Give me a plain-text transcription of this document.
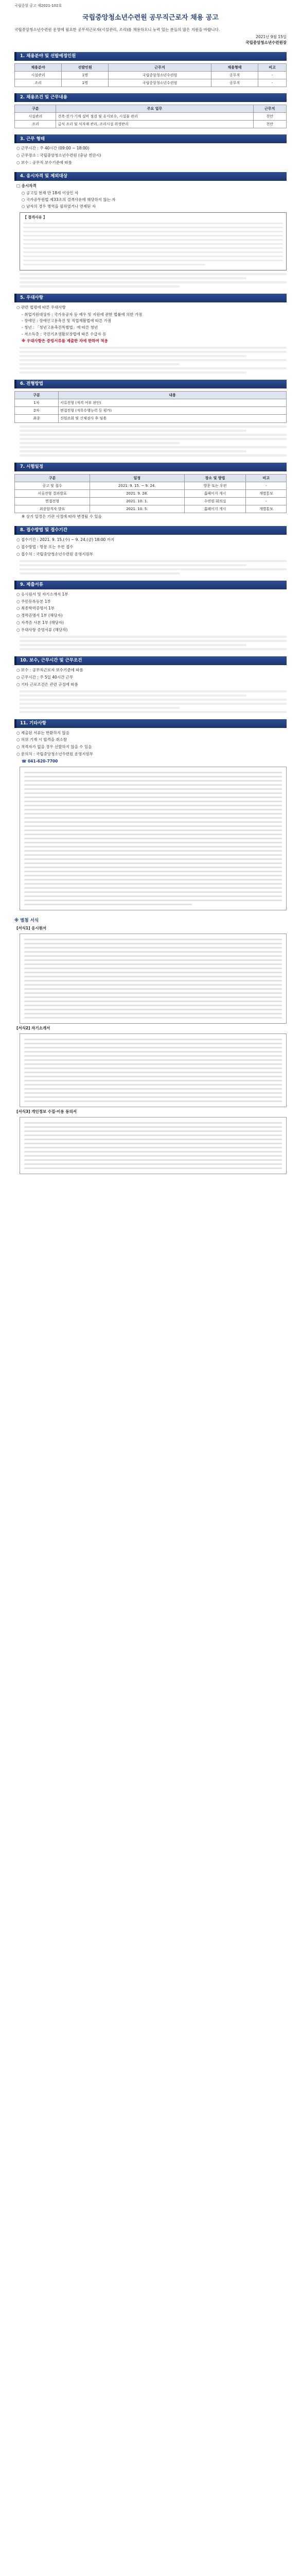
국립중앙 공고 제2021-102호
국립중앙청소년수련원 공무직근로자 채용 공고
국립중앙청소년수련원 운영에 필요한 공무직근로자(시설관리, 조리)를 채용하오니 능력 있는 분들의 많은 지원을 바랍니다.
2021년 9월 15일
국립중앙청소년수련원장
1. 채용분야 및 선발예정인원
채용분야	선발인원	근무지	채용형태	비고
시설관리	1명	국립중앙청소년수련원	공무직	-
조리	1명	국립중앙청소년수련원	공무직	-
2. 채용조건 및 근무내용
구분	주요 업무	근무지
시설관리	건축·전기·기계 설비 점검 및 유지보수, 시설물 관리	천안
조리	급식 조리 및 식자재 관리, 조리시설 위생관리	천안
3. 근무 형태
○ 근무시간 : 주 40시간 (09:00 ~ 18:00)
○ 근무장소 : 국립중앙청소년수련원 (충남 천안시)
○ 보수 : 공무직 보수기준에 따름
4. 응시자격 및 제외대상
□ 응시자격
○ 공고일 현재 만 18세 이상인 자
○ 국가공무원법 제33조의 결격사유에 해당하지 않는 자
○ 남자의 경우 병역을 필하였거나 면제된 자
【 결격사유 】
5. 우대사항
○ 관련 법령에 따른 우대사항
- 취업지원대상자 : 국가유공자 등 예우 및 지원에 관한 법률에 의한 가점
- 장애인 : 장애인고용촉진 및 직업재활법에 따른 가점
- 청년 : 「청년고용촉진특별법」에 따른 청년
- 저소득층 : 국민기초생활보장법에 따른 수급자 등
※ 우대사항은 증빙서류를 제출한 자에 한하여 적용
6. 전형방법
구분	내용
1차	서류전형 (적격 여부 판단)
2차	면접전형 (직무수행능력 등 평가)
최종	신원조회 및 신체검사 후 임용
7. 시험일정
구분	일정	장소 및 방법	비고
공고 및 접수	2021. 9. 15. ~ 9. 24.	방문 또는 우편	-
서류전형 결과발표	2021. 9. 28.	홈페이지 게시	개별통보
면접전형	2021. 10. 1.	수련원 회의실	-
최종합격자 발표	2021. 10. 5.	홈페이지 게시	개별통보
※ 상기 일정은 기관 사정에 따라 변경될 수 있음
8. 접수방법 및 접수기간
○ 접수기간 : 2021. 9. 15.(수) ~ 9. 24.(금) 18:00 까지
○ 접수방법 : 방문 또는 우편 접수
○ 접수처 : 국립중앙청소년수련원 운영지원부
9. 제출서류
○ 응시원서 및 자기소개서 1부
○ 주민등록등본 1부
○ 최종학력증명서 1부
○ 경력증명서 1부 (해당자)
○ 자격증 사본 1부 (해당자)
○ 우대사항 증빙서류 (해당자)
10. 보수, 근무시간 및 근무조건
○ 보수 : 공무직근로자 보수기준에 따름
○ 근무시간 : 주 5일 40시간 근무
○ 기타 근로조건은 관련 규정에 따름
11. 기타사항
○ 제출된 서류는 반환하지 않음
○ 허위 기재 시 합격을 취소함
○ 적격자가 없을 경우 선발하지 않을 수 있음
○ 문의처 : 국립중앙청소년수련원 운영지원부
☎ 041-620-7700
※ 별첨 서식
[서식1] 응시원서
[서식2] 자기소개서
[서식3] 개인정보 수집·이용 동의서
